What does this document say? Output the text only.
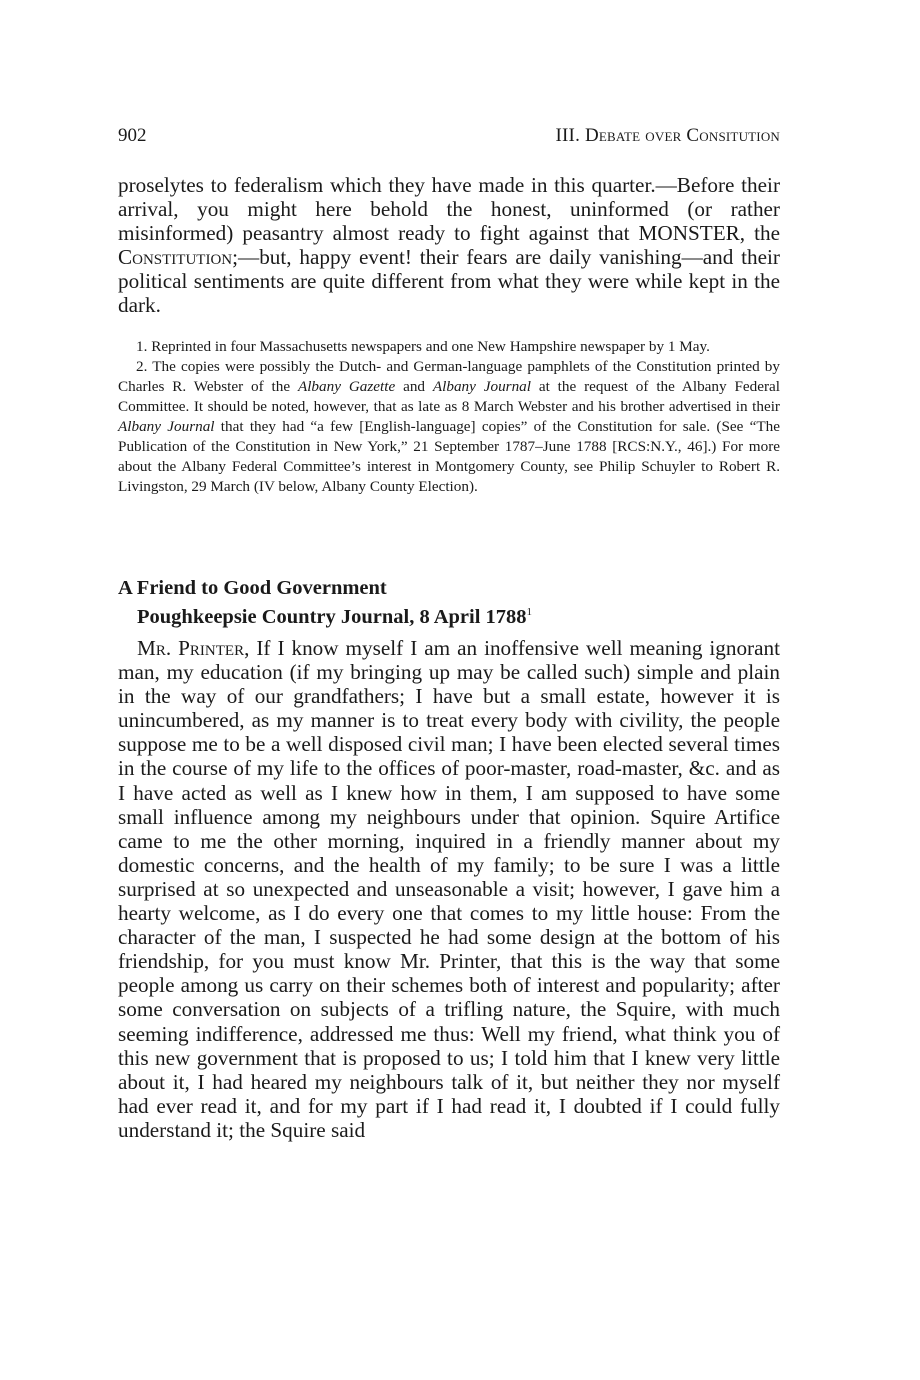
902	III. Debate over Consitution

proselytes to federalism which they have made in this quarter.—Before their arrival, you might here behold the honest, uninformed (or rather misinformed) peasantry almost ready to fight against that MONSTER, the Constitution;—but, happy event! their fears are daily vanishing—and their political sentiments are quite different from what they were while kept in the dark.

1. Reprinted in four Massachusetts newspapers and one New Hampshire newspaper by 1 May.

2. The copies were possibly the Dutch- and German-language pamphlets of the Constitution printed by Charles R. Webster of the Albany Gazette and Albany Journal at the request of the Albany Federal Committee. It should be noted, however, that as late as 8 March Webster and his brother advertised in their Albany Journal that they had “a few [English-language] copies” of the Constitution for sale. (See “The Publication of the Constitution in New York,” 21 September 1787–June 1788 [RCS:N.Y., 46].) For more about the Albany Federal Committee’s interest in Montgomery County, see Philip Schuyler to Robert R. Livingston, 29 March (IV below, Albany County Election).

A Friend to Good Government
Poughkeepsie Country Journal, 8 April 1788$^1$

Mr. Printer, If I know myself I am an inoffensive well meaning ignorant man, my education (if my bringing up may be called such) simple and plain in the way of our grandfathers; I have but a small estate, however it is unincumbered, as my manner is to treat every body with civility, the people suppose me to be a well disposed civil man; I have been elected several times in the course of my life to the offices of poor-master, road-master, &c. and as I have acted as well as I knew how in them, I am supposed to have some small influence among my neighbours under that opinion. Squire Artifice came to me the other morning, inquired in a friendly manner about my domestic concerns, and the health of my family; to be sure I was a little surprised at so unexpected and unseasonable a visit; however, I gave him a hearty welcome, as I do every one that comes to my little house: From the character of the man, I suspected he had some design at the bottom of his friendship, for you must know Mr. Printer, that this is the way that some people among us carry on their schemes both of interest and popularity; after some conversation on subjects of a trifling nature, the Squire, with much seeming indifference, addressed me thus: Well my friend, what think you of this new government that is proposed to us; I told him that I knew very little about it, I had heared my neighbours talk of it, but neither they nor myself had ever read it, and for my part if I had read it, I doubted if I could fully understand it; the Squire said
